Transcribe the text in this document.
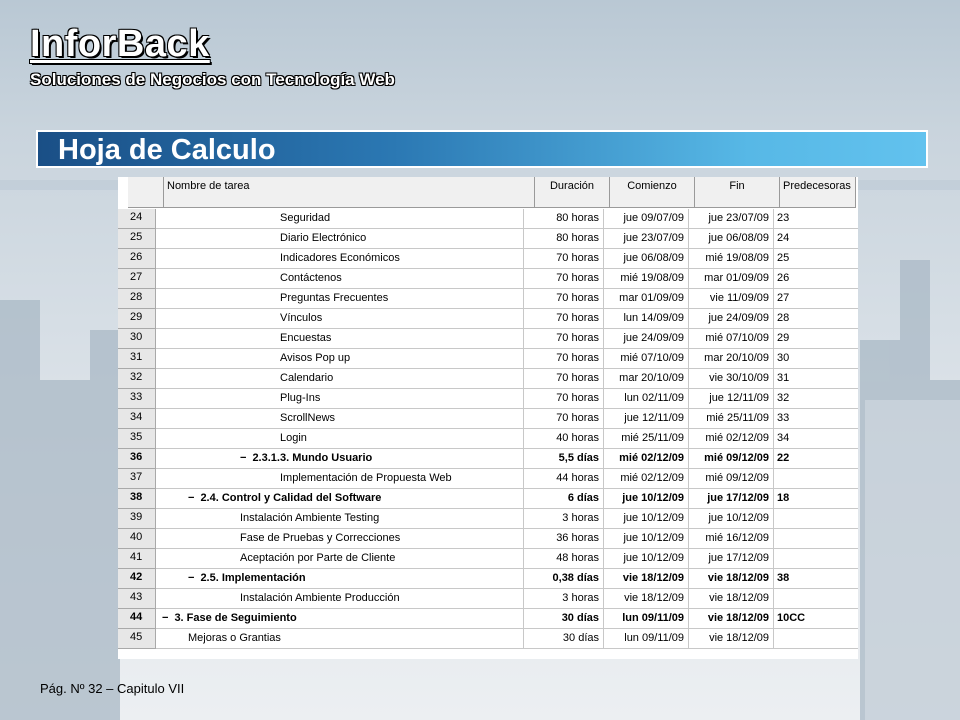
InforBack
Soluciones de Negocios con Tecnología Web
Hoja de Calculo
Nombre de tarea	Duración	Comienzo	Fin	Predecesoras
24	Seguridad	80 horas	jue 09/07/09	jue 23/07/09 23
25	Diario Electrónico	80 horas	jue 23/07/09	jue 06/08/09 24
26	Indicadores Económicos	70 horas	jue 06/08/09	mié 19/08/09 25
27	Contáctenos	70 horas	mié 19/08/09	mar 01/09/09 26
28	Preguntas Frecuentes	70 horas	mar 01/09/09	vie 11/09/09 27
29	Vínculos	70 horas	lun 14/09/09	jue 24/09/09 28
30	Encuestas	70 horas	jue 24/09/09	mié 07/10/09 29
31	Avisos Pop up	70 horas	mié 07/10/09	mar 20/10/09 30
32	Calendario	70 horas	mar 20/10/09	vie 30/10/09 31
33	Plug-Ins	70 horas	lun 02/11/09	jue 12/11/09 32
34	ScrollNews	70 horas	jue 12/11/09	mié 25/11/09 33
35	Login	40 horas	mié 25/11/09	mié 02/12/09 34
36	− 2.3.1.3. Mundo Usuario	5,5 días	mié 02/12/09	mié 09/12/09 22
37	Implementación de Propuesta Web	44 horas	mié 02/12/09	mié 09/12/09
38	− 2.4. Control y Calidad del Software	6 días	jue 10/12/09	jue 17/12/09 18
39	Instalación Ambiente Testing	3 horas	jue 10/12/09	jue 10/12/09
40	Fase de Pruebas y Correcciones	36 horas	jue 10/12/09	mié 16/12/09
41	Aceptación por Parte de Cliente	48 horas	jue 10/12/09	jue 17/12/09
42	− 2.5. Implementación	0,38 días	vie 18/12/09	vie 18/12/09 38
43	Instalación Ambiente Producción	3 horas	vie 18/12/09	vie 18/12/09
44	− 3. Fase de Seguimiento	30 días	lun 09/11/09	vie 18/12/09 10CC
45	Mejoras o Grantias	30 días	lun 09/11/09	vie 18/12/09
Pág. Nº 32 – Capitulo VII
